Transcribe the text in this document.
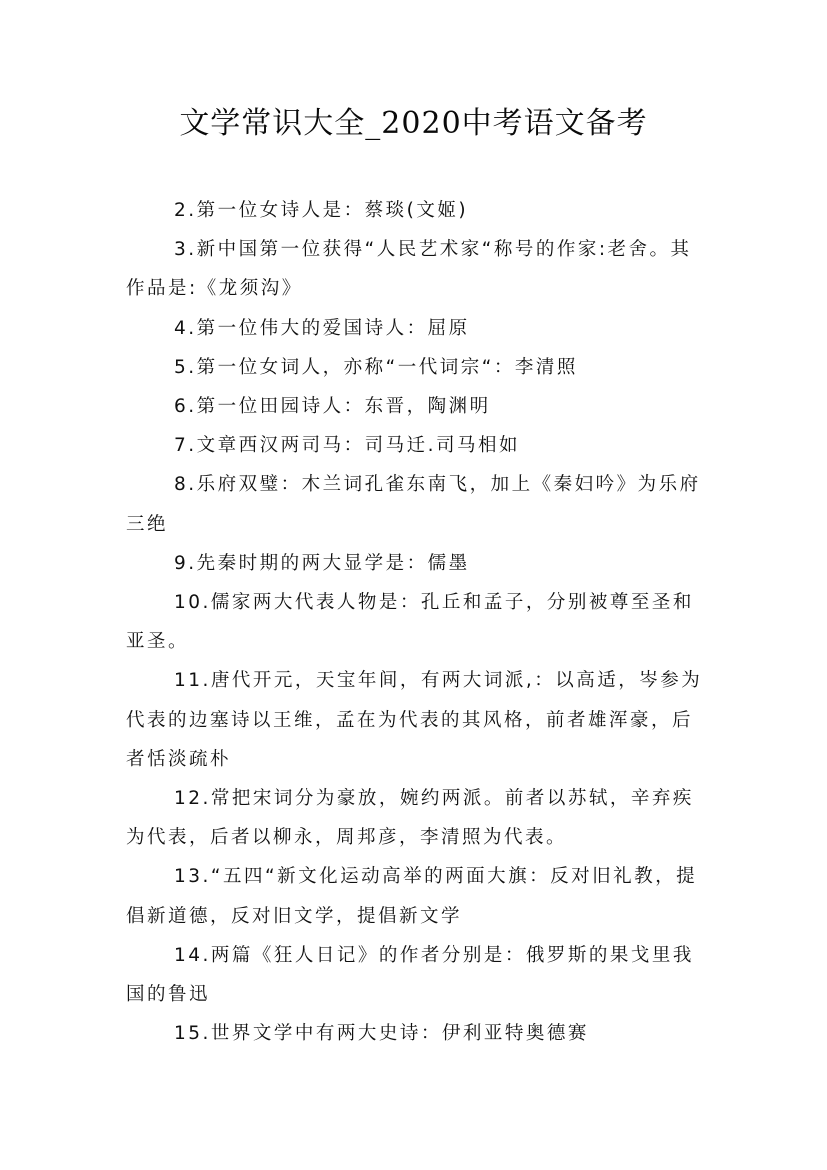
文学常识大全_2020中考语文备考

2.第一位女诗人是：蔡琰(文姬)

3.新中国第一位获得“人民艺术家“称号的作家:老舍。其作品是:《龙须沟》

4.第一位伟大的爱国诗人：屈原

5.第一位女词人，亦称“一代词宗“：李清照

6.第一位田园诗人：东晋，陶渊明

7.文章西汉两司马：司马迁.司马相如

8.乐府双璧：木兰词孔雀东南飞，加上《秦妇吟》为乐府三绝

9.先秦时期的两大显学是：儒墨

10.儒家两大代表人物是：孔丘和孟子，分别被尊至圣和亚圣。

11.唐代开元，天宝年间，有两大词派,：以高适，岑参为代表的边塞诗以王维，孟在为代表的其风格，前者雄浑豪，后者恬淡疏朴

12.常把宋词分为豪放，婉约两派。前者以苏轼，辛弃疾为代表，后者以柳永，周邦彦，李清照为代表。

13.“五四“新文化运动高举的两面大旗：反对旧礼教，提倡新道德，反对旧文学，提倡新文学

14.两篇《狂人日记》的作者分别是：俄罗斯的果戈里我国的鲁迅

15.世界文学中有两大史诗：伊利亚特奥德赛
